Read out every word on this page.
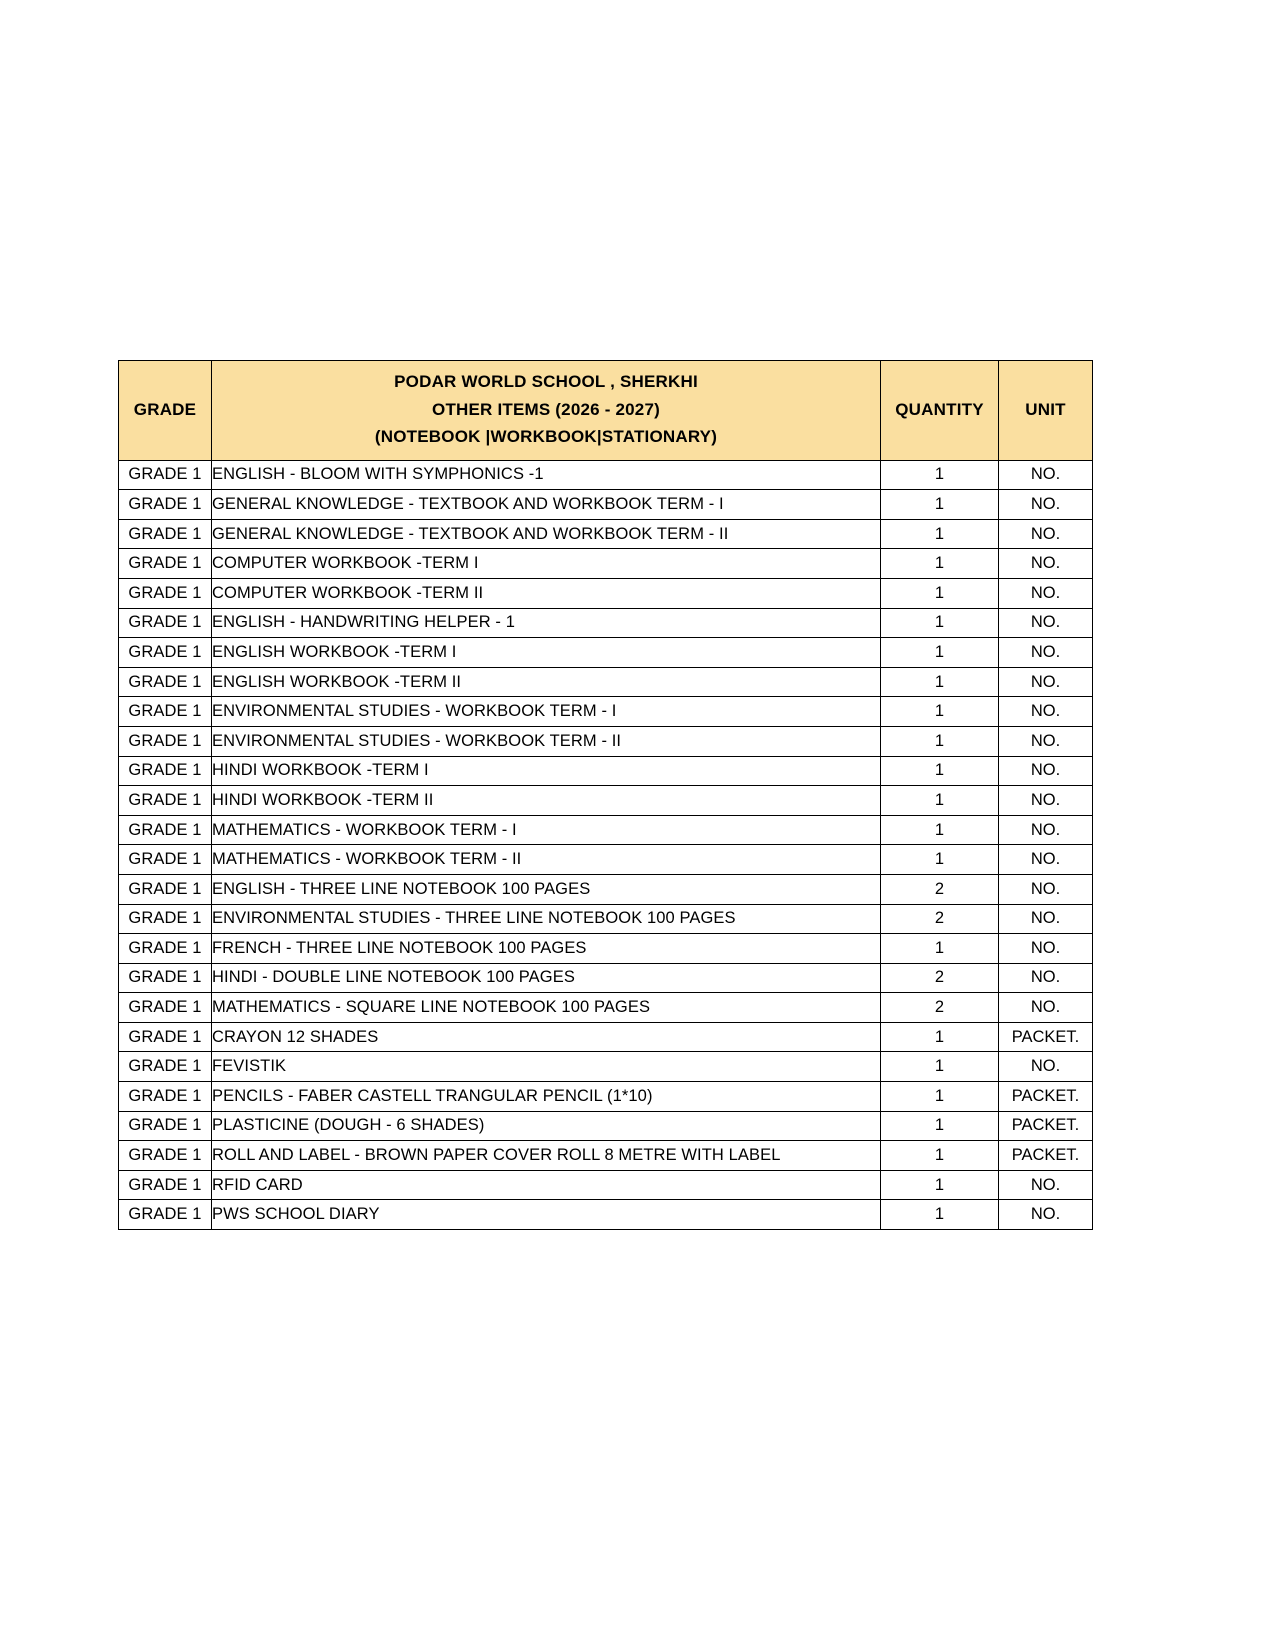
GRADE	PODAR WORLD SCHOOL , SHERKHI
OTHER ITEMS (2026 - 2027)
(NOTEBOOK |WORKBOOK|STATIONARY)	QUANTITY	UNIT
GRADE 1	ENGLISH - BLOOM WITH SYMPHONICS -1	1	NO.
GRADE 1	GENERAL KNOWLEDGE - TEXTBOOK AND WORKBOOK TERM - I	1	NO.
GRADE 1	GENERAL KNOWLEDGE - TEXTBOOK AND WORKBOOK TERM - II	1	NO.
GRADE 1	COMPUTER WORKBOOK -TERM I	1	NO.
GRADE 1	COMPUTER WORKBOOK -TERM II	1	NO.
GRADE 1	ENGLISH - HANDWRITING HELPER - 1	1	NO.
GRADE 1	ENGLISH WORKBOOK -TERM I	1	NO.
GRADE 1	ENGLISH WORKBOOK -TERM II	1	NO.
GRADE 1	ENVIRONMENTAL STUDIES - WORKBOOK TERM - I	1	NO.
GRADE 1	ENVIRONMENTAL STUDIES - WORKBOOK TERM - II	1	NO.
GRADE 1	HINDI WORKBOOK -TERM I	1	NO.
GRADE 1	HINDI WORKBOOK -TERM II	1	NO.
GRADE 1	MATHEMATICS - WORKBOOK TERM - I	1	NO.
GRADE 1	MATHEMATICS - WORKBOOK TERM - II	1	NO.
GRADE 1	ENGLISH - THREE LINE NOTEBOOK 100 PAGES	2	NO.
GRADE 1	ENVIRONMENTAL STUDIES - THREE LINE NOTEBOOK 100 PAGES	2	NO.
GRADE 1	FRENCH - THREE LINE NOTEBOOK 100 PAGES	1	NO.
GRADE 1	HINDI - DOUBLE LINE NOTEBOOK 100 PAGES	2	NO.
GRADE 1	MATHEMATICS - SQUARE LINE NOTEBOOK 100 PAGES	2	NO.
GRADE 1	CRAYON 12 SHADES	1	PACKET.
GRADE 1	FEVISTIK	1	NO.
GRADE 1	PENCILS - FABER CASTELL TRANGULAR PENCIL (1*10)	1	PACKET.
GRADE 1	PLASTICINE (DOUGH - 6 SHADES)	1	PACKET.
GRADE 1	ROLL AND LABEL - BROWN PAPER COVER ROLL 8 METRE WITH LABEL	1	PACKET.
GRADE 1	RFID CARD	1	NO.
GRADE 1	PWS SCHOOL DIARY	1	NO.
